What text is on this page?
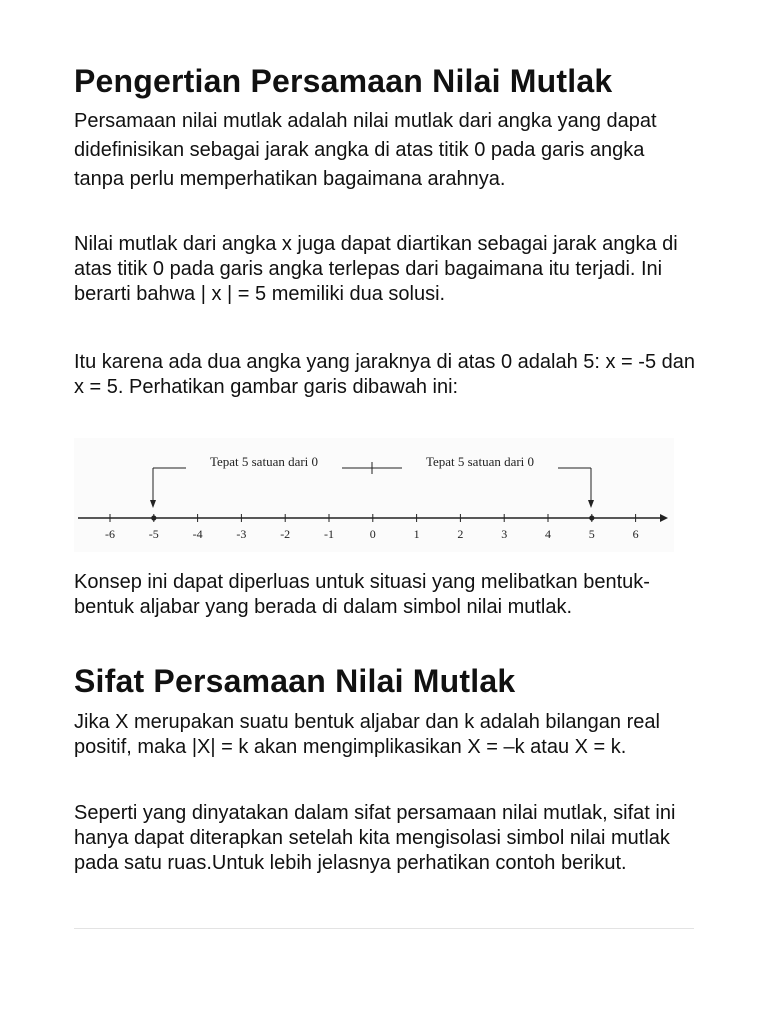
Pengertian Persamaan Nilai Mutlak

Persamaan nilai mutlak adalah nilai mutlak dari angka yang dapat didefinisikan sebagai jarak angka di atas titik 0 pada garis angka tanpa perlu memperhatikan bagaimana arahnya.

Nilai mutlak dari angka x juga dapat diartikan sebagai jarak angka di atas titik 0 pada garis angka terlepas dari bagaimana itu terjadi. Ini berarti bahwa | x | = 5 memiliki dua solusi.

Itu karena ada dua angka yang jaraknya di atas 0 adalah 5: x = -5 dan x = 5. Perhatikan gambar garis dibawah ini:

Tepat 5 satuan dari 0	Tepat 5 satuan dari 0
-6	-5	-4	-3	-2	-1	0	1	2	3	4	5	6

Konsep ini dapat diperluas untuk situasi yang melibatkan bentuk-bentuk aljabar yang berada di dalam simbol nilai mutlak.

Sifat Persamaan Nilai Mutlak

Jika X merupakan suatu bentuk aljabar dan k adalah bilangan real positif, maka |X| = k akan mengimplikasikan X = –k atau X = k.

Seperti yang dinyatakan dalam sifat persamaan nilai mutlak, sifat ini hanya dapat diterapkan setelah kita mengisolasi simbol nilai mutlak pada satu ruas.Untuk lebih jelasnya perhatikan contoh berikut.
